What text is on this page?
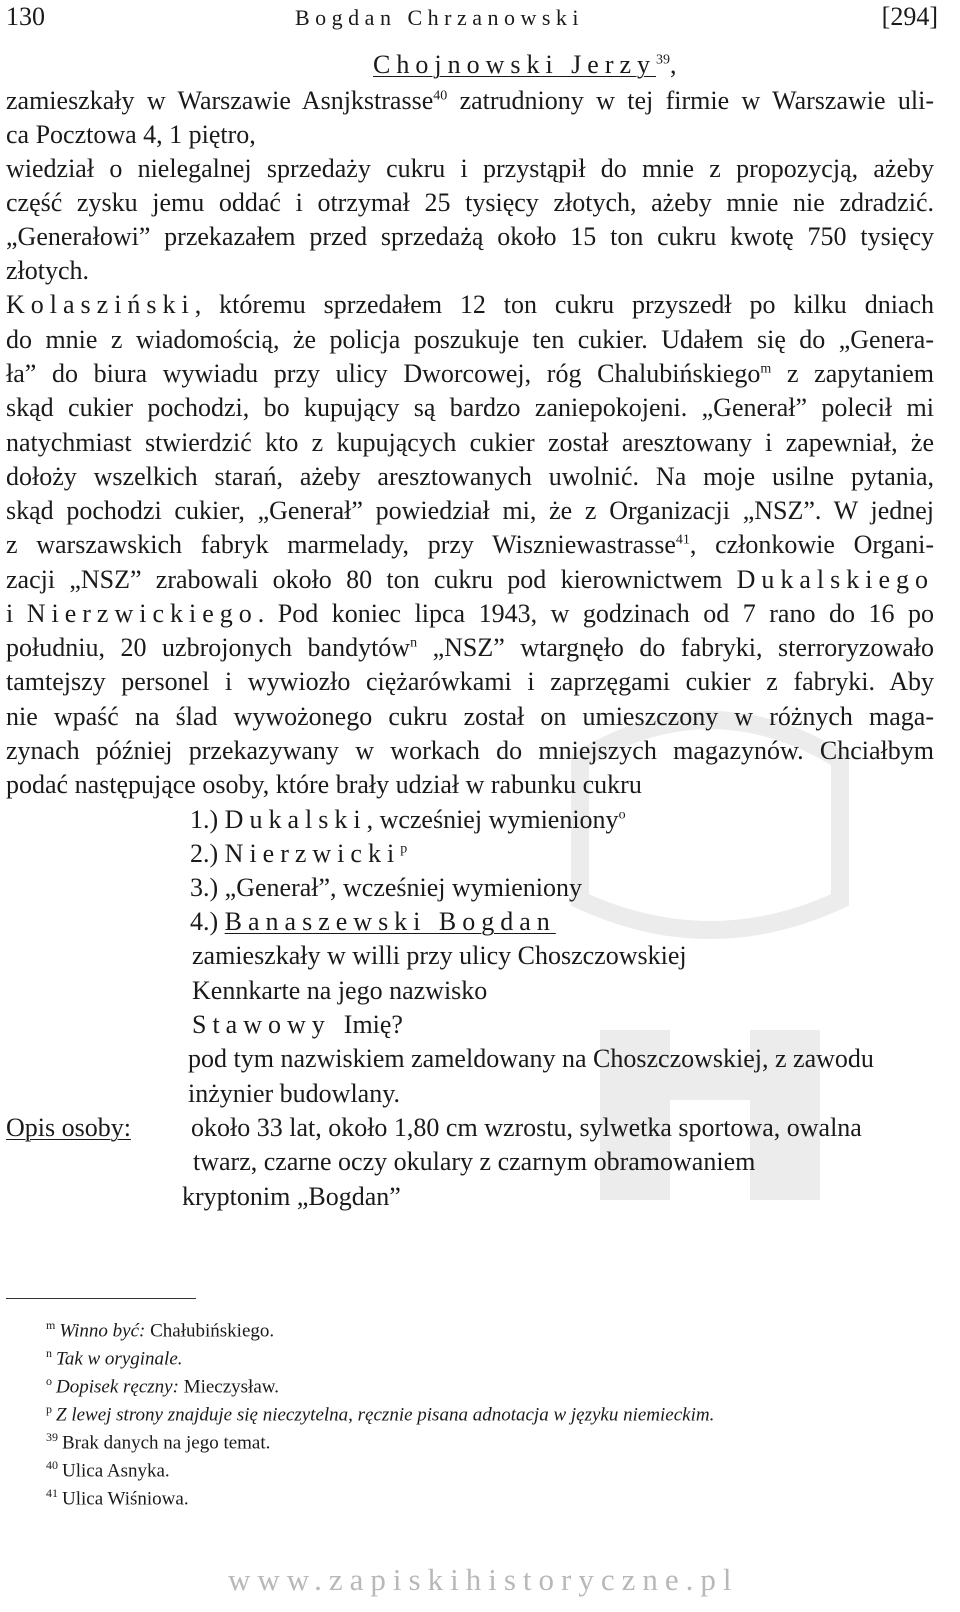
130	Bogdan Chrzanowski	[294]
Chojnowski Jerzy$^{39}$,
zamieszkały w Warszawie Asnjkstrasse$^{40}$ zatrudniony w tej firmie w Warszawie uli-
ca Pocztowa 4, 1 piętro,
wiedział o nielegalnej sprzedaży cukru i przystąpił do mnie z propozycją, ażeby
część zysku jemu oddać i otrzymał 25 tysięcy złotych, ażeby mnie nie zdradzić.
„Generałowi” przekazałem przed sprzedażą około 15 ton cukru kwotę 750 tysięcy
złotych.
Kolasziński, któremu sprzedałem 12 ton cukru przyszedł po kilku dniach
do mnie z wiadomością, że policja poszukuje ten cukier. Udałem się do „Genera-
ła” do biura wywiadu przy ulicy Dworcowej, róg Chalubińskiego$^m$ z zapytaniem
skąd cukier pochodzi, bo kupujący są bardzo zaniepokojeni. „Generał” polecił mi
natychmiast stwierdzić kto z kupujących cukier został aresztowany i zapewniał, że
dołoży wszelkich starań, ażeby aresztowanych uwolnić. Na moje usilne pytania,
skąd pochodzi cukier, „Generał” powiedział mi, że z Organizacji „NSZ”. W jednej
z warszawskich fabryk marmelady, przy Wiszniewastrasse$^{41}$, członkowie Organi-
zacji „NSZ” zrabowali około 80 ton cukru pod kierownictwem Dukalskiego
i Nierzwickiego. Pod koniec lipca 1943, w godzinach od 7 rano do 16 po
południu, 20 uzbrojonych bandytów$^n$ „NSZ” wtargnęło do fabryki, sterroryzowało
tamtejszy personel i wywiozło ciężarówkami i zaprzęgami cukier z fabryki. Aby
nie wpaść na ślad wywożonego cukru został on umieszczony w różnych maga-
zynach później przekazywany w workach do mniejszych magazynów. Chciałbym
podać następujące osoby, które brały udział w rabunku cukru
1.) Dukalski, wcześniej wymieniony$^o$
2.) Nierzwicki$^p$
3.) „Generał”, wcześniej wymieniony
4.) Banaszewski Bogdan
zamieszkały w willi przy ulicy Choszczowskiej
Kennkarte na jego nazwisko
Stawowy  Imię?
pod tym nazwiskiem zameldowany na Choszczowskiej, z zawodu
inżynier budowlany.
Opis osoby: około 33 lat, około 1,80 cm wzrostu, sylwetka sportowa, owalna
twarz, czarne oczy okulary z czarnym obramowaniem
kryptonim „Bogdan”
$^m$ Winno być: Chałubińskiego.
$^n$ Tak w oryginale.
$^o$ Dopisek ręczny: Mieczysław.
$^p$ Z lewej strony znajduje się nieczytelna, ręcznie pisana adnotacja w języku niemieckim.
$^{39}$ Brak danych na jego temat.
$^{40}$ Ulica Asnyka.
$^{41}$ Ulica Wiśniowa.
www.zapiskihistoryczne.pl
